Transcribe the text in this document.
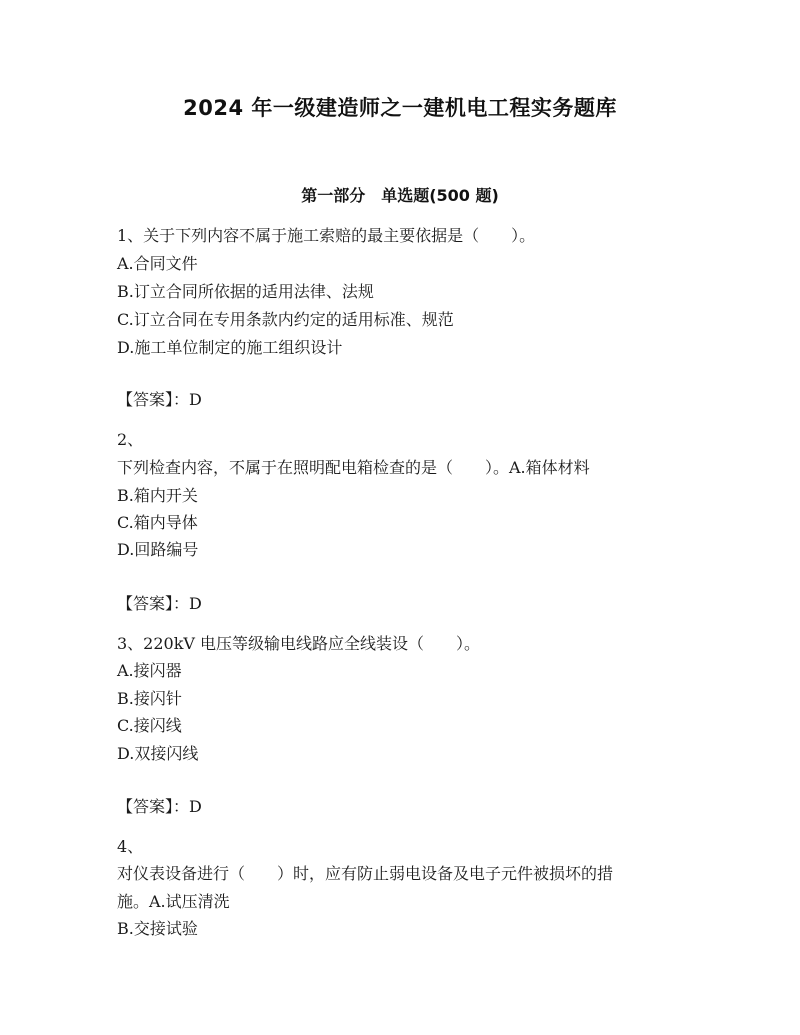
2024 年一级建造师之一建机电工程实务题库
第一部分　单选题(500 题)
1、关于下列内容不属于施工索赔的最主要依据是（　　）。
A.合同文件
B.订立合同所依据的适用法律、法规
C.订立合同在专用条款内约定的适用标准、规范
D.施工单位制定的施工组织设计
【答案】：D
2、
下列检查内容，不属于在照明配电箱检查的是（　　）。A.箱体材料
B.箱内开关
C.箱内导体
D.回路编号
【答案】：D
3、220kV 电压等级输电线路应全线装设（　　）。
A.接闪器
B.接闪针
C.接闪线
D.双接闪线
【答案】：D
4、
对仪表设备进行（　　）时，应有防止弱电设备及电子元件被损坏的措
施。A.试压清洗
B.交接试验
